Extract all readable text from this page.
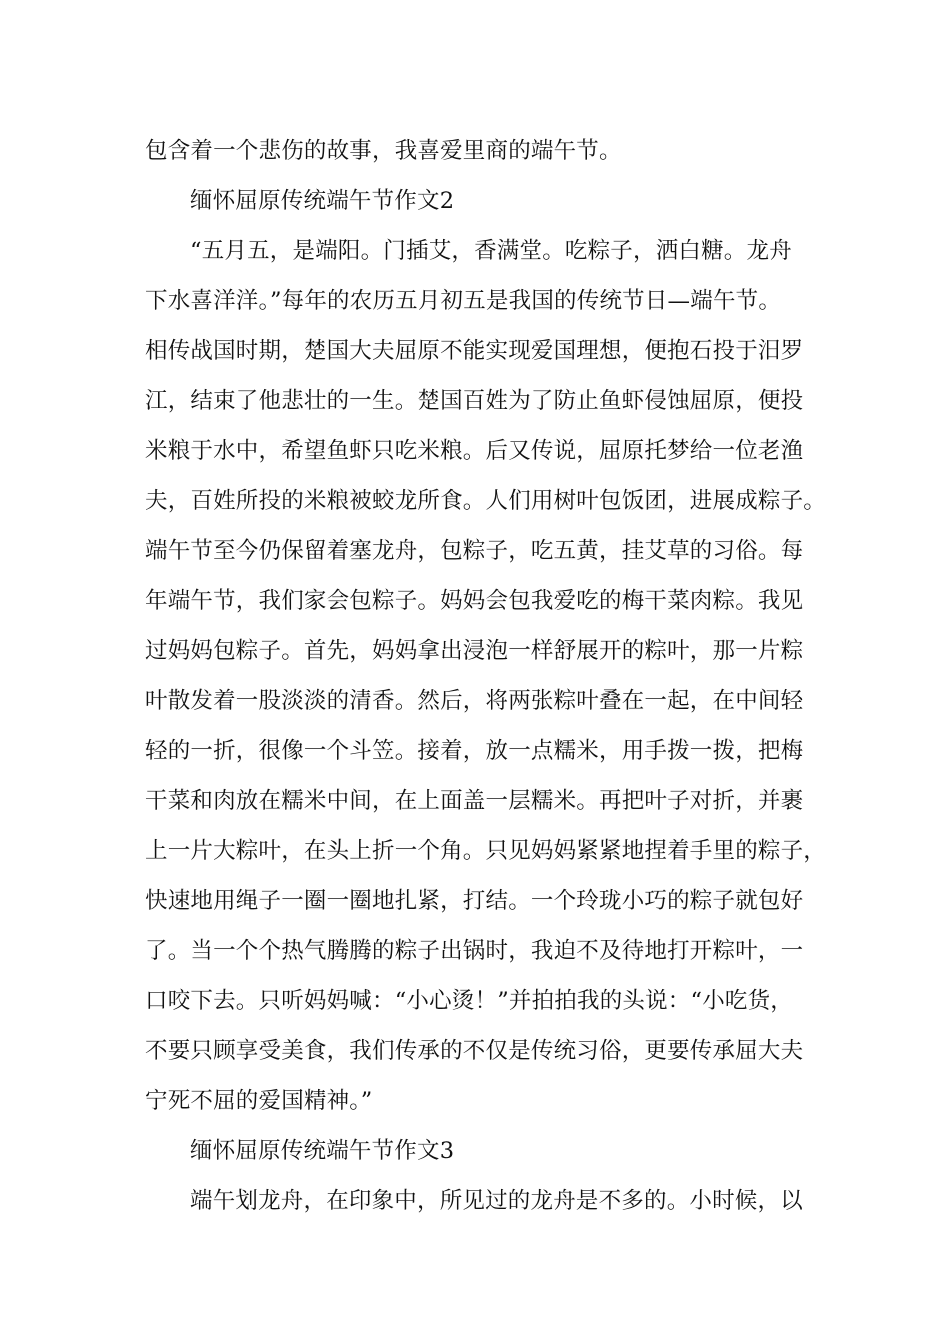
包含着一个悲伤的故事，我喜爱里商的端午节。
缅怀屈原传统端午节作文2
“五月五，是端阳。门插艾，香满堂。吃粽子，洒白糖。龙舟
下水喜洋洋。”每年的农历五月初五是我国的传统节日—端午节。
相传战国时期，楚国大夫屈原不能实现爱国理想，便抱石投于汨罗
江，结束了他悲壮的一生。楚国百姓为了防止鱼虾侵蚀屈原，便投
米粮于水中，希望鱼虾只吃米粮。后又传说，屈原托梦给一位老渔
夫，百姓所投的米粮被蛟龙所食。人们用树叶包饭团，进展成粽子。
端午节至今仍保留着塞龙舟，包粽子，吃五黄，挂艾草的习俗。每
年端午节，我们家会包粽子。妈妈会包我爱吃的梅干菜肉粽。我见
过妈妈包粽子。首先，妈妈拿出浸泡一样舒展开的粽叶，那一片粽
叶散发着一股淡淡的清香。然后，将两张粽叶叠在一起，在中间轻
轻的一折，很像一个斗笠。接着，放一点糯米，用手拨一拨，把梅
干菜和肉放在糯米中间，在上面盖一层糯米。再把叶子对折，并裹
上一片大粽叶，在头上折一个角。只见妈妈紧紧地捏着手里的粽子，
快速地用绳子一圈一圈地扎紧，打结。一个玲珑小巧的粽子就包好
了。当一个个热气腾腾的粽子出锅时，我迫不及待地打开粽叶，一
口咬下去。只听妈妈喊：“小心烫！”并拍拍我的头说：“小吃货，
不要只顾享受美食，我们传承的不仅是传统习俗，更要传承屈大夫
宁死不屈的爱国精神。”
缅怀屈原传统端午节作文3
端午划龙舟，在印象中，所见过的龙舟是不多的。小时候，以
